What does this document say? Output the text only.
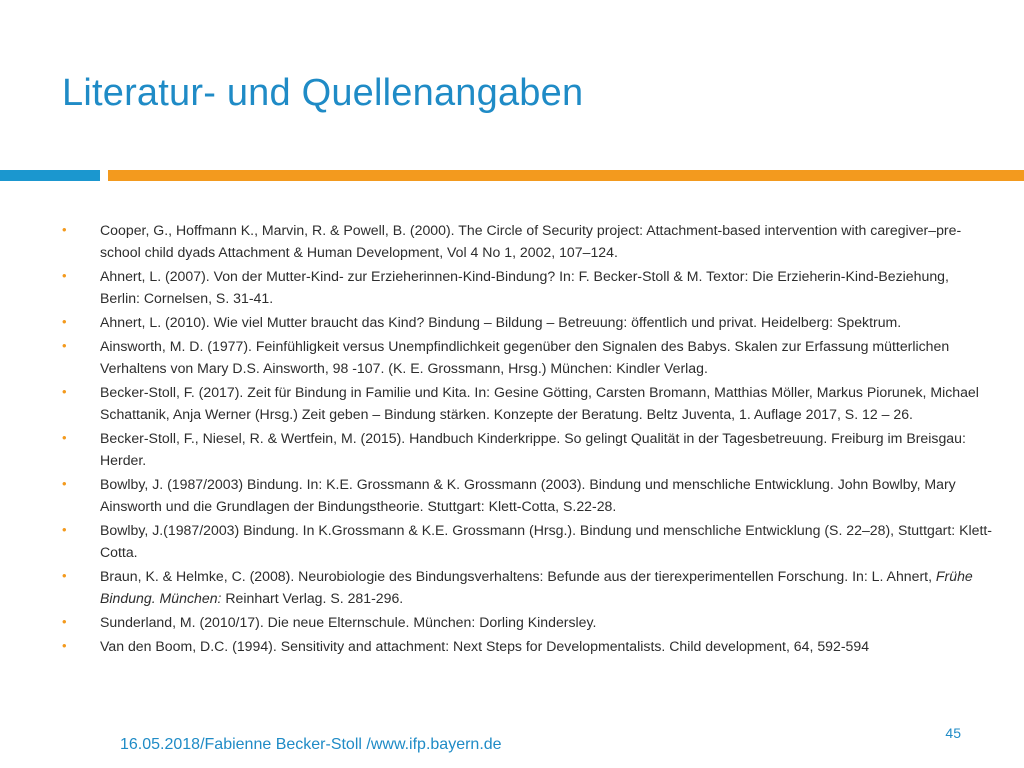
Literatur- und Quellenangaben
• Cooper, G., Hoffmann K., Marvin, R. & Powell, B. (2000). The Circle of Security project: Attachment-based intervention with caregiver–pre-school child dyads Attachment & Human Development, Vol 4 No 1, 2002, 107–124.
• Ahnert, L. (2007). Von der Mutter-Kind- zur Erzieherinnen-Kind-Bindung? In: F. Becker-Stoll & M. Textor: Die Erzieherin-Kind-Beziehung, Berlin: Cornelsen, S. 31-41.
• Ahnert, L. (2010). Wie viel Mutter braucht das Kind? Bindung – Bildung – Betreuung: öffentlich und privat. Heidelberg: Spektrum.
• Ainsworth, M. D. (1977). Feinfühligkeit versus Unempfindlichkeit gegenüber den Signalen des Babys. Skalen zur Erfassung mütterlichen Verhaltens von Mary D.S. Ainsworth, 98 -107. (K. E. Grossmann, Hrsg.) München: Kindler Verlag.
• Becker-Stoll, F. (2017). Zeit für Bindung in Familie und Kita. In: Gesine Götting, Carsten Bromann, Matthias Möller, Markus Piorunek, Michael Schattanik, Anja Werner (Hrsg.) Zeit geben – Bindung stärken. Konzepte der Beratung. Beltz Juventa, 1. Auflage 2017, S. 12 – 26.
• Becker-Stoll, F., Niesel, R. & Wertfein, M. (2015). Handbuch Kinderkrippe. So gelingt Qualität in der Tagesbetreuung. Freiburg im Breisgau: Herder.
• Bowlby, J. (1987/2003) Bindung. In: K.E. Grossmann & K. Grossmann (2003). Bindung und menschliche Entwicklung. John Bowlby, Mary Ainsworth und die Grundlagen der Bindungstheorie. Stuttgart: Klett-Cotta, S.22-28.
• Bowlby, J.(1987/2003) Bindung. In K.Grossmann & K.E. Grossmann (Hrsg.). Bindung und menschliche Entwicklung (S. 22–28), Stuttgart: Klett-Cotta.
• Braun, K. & Helmke, C. (2008). Neurobiologie des Bindungsverhaltens: Befunde aus der tierexperimentellen Forschung. In: L. Ahnert, Frühe Bindung. München: Reinhart Verlag. S. 281-296.
• Sunderland, M. (2010/17). Die neue Elternschule. München: Dorling Kindersley.
• Van den Boom, D.C. (1994). Sensitivity and attachment: Next Steps for Developmentalists. Child development, 64, 592-594
16.05.2018/Fabienne Becker-Stoll /www.ifp.bayern.de
45
